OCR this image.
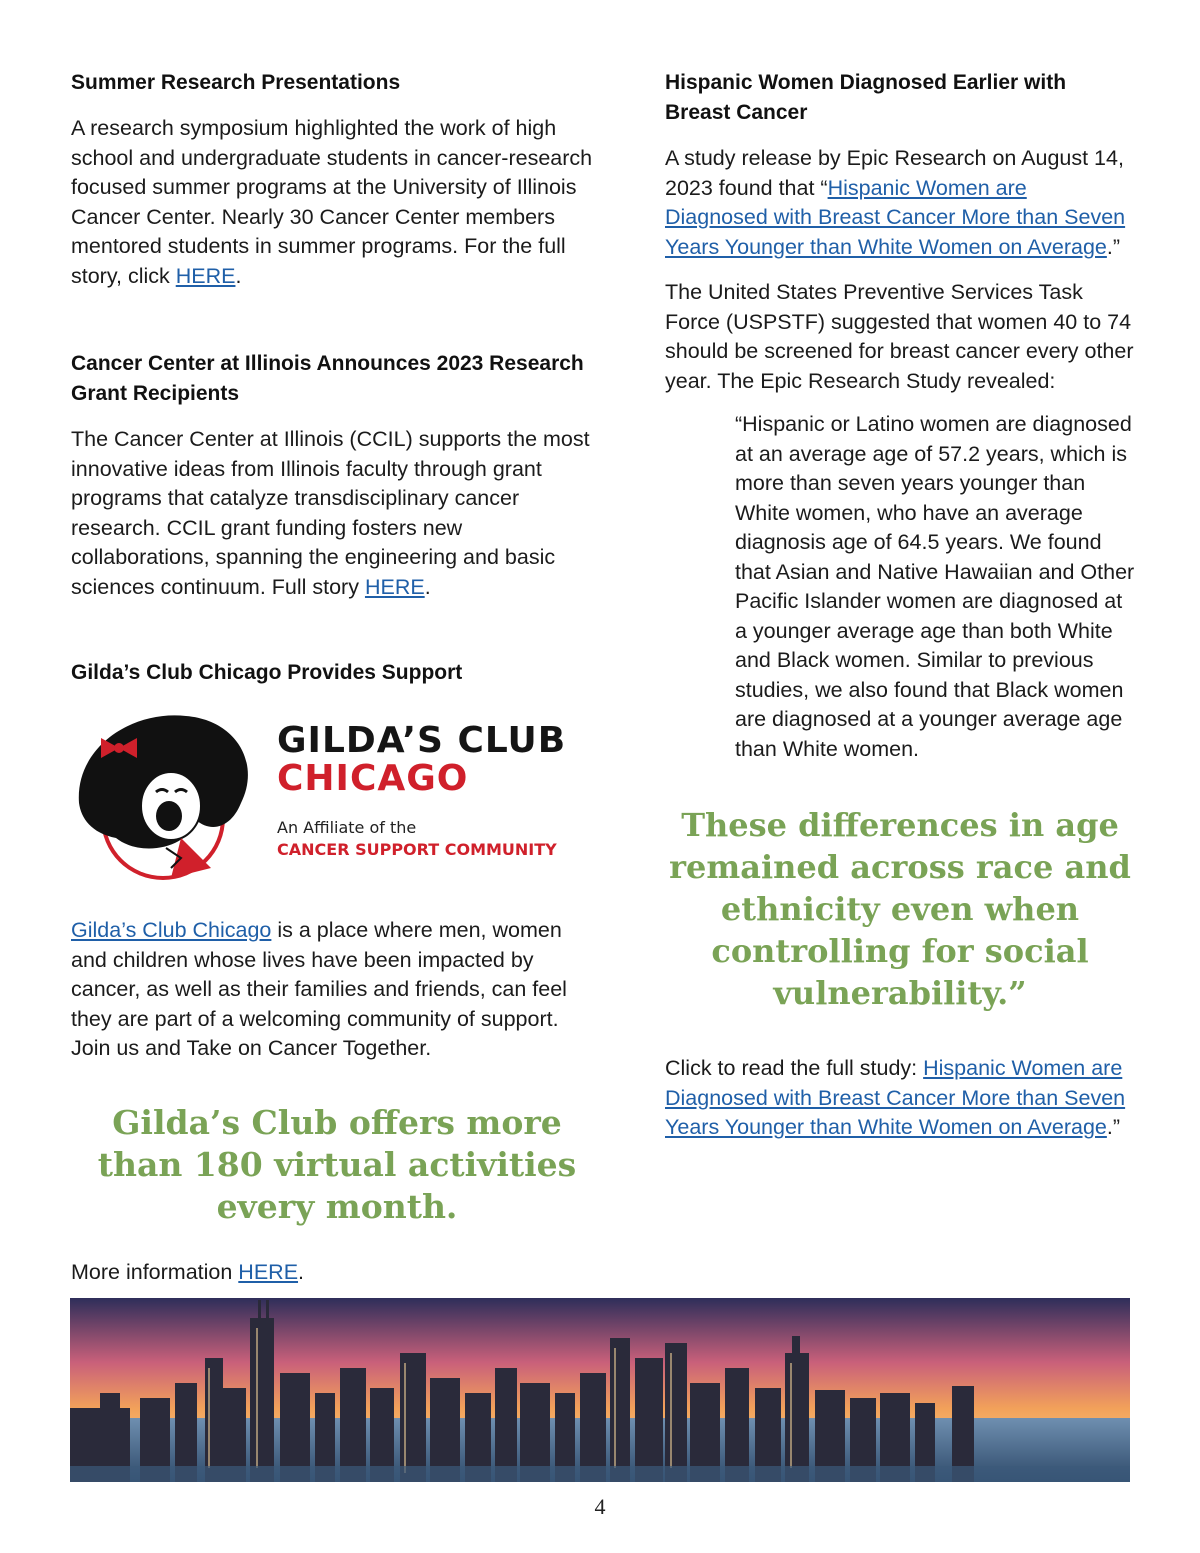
Summer Research Presentations

A research symposium highlighted the work of high school and undergraduate students in cancer-research focused summer programs at the University of Illinois Cancer Center. Nearly 30 Cancer Center members mentored students in summer programs. For the full story, click HERE.

Cancer Center at Illinois Announces 2023 Research Grant Recipients

The Cancer Center at Illinois (CCIL) supports the most innovative ideas from Illinois faculty through grant programs that catalyze transdisciplinary cancer research. CCIL grant funding fosters new collaborations, spanning the engineering and basic sciences continuum. Full story HERE.

Gilda’s Club Chicago Provides Support
GILDA’S CLUB
CHICAGO
An Affiliate of the
CANCER SUPPORT COMMUNITY

Gilda’s Club Chicago is a place where men, women and children whose lives have been impacted by cancer, as well as their families and friends, can feel they are part of a welcoming community of support. Join us and Take on Cancer Together.

Gilda’s Club offers more than 180 virtual activities every month.

More information HERE.

Hispanic Women Diagnosed Earlier with Breast Cancer

A study release by Epic Research on August 14, 2023 found that “Hispanic Women are Diagnosed with Breast Cancer More than Seven Years Younger than White Women on Average.”

The United States Preventive Services Task Force (USPSTF) suggested that women 40 to 74 should be screened for breast cancer every other year. The Epic Research Study revealed:

“Hispanic or Latino women are diagnosed at an average age of 57.2 years, which is more than seven years younger than White women, who have an average diagnosis age of 64.5 years. We found that Asian and Native Hawaiian and Other Pacific Islander women are diagnosed at a younger average age than both White and Black women. Similar to previous studies, we also found that Black women are diagnosed at a younger average age than White women.

These differences in age remained across race and ethnicity even when controlling for social vulnerability.”

Click to read the full study: Hispanic Women are Diagnosed with Breast Cancer More than Seven Years Younger than White Women on Average.”

4
